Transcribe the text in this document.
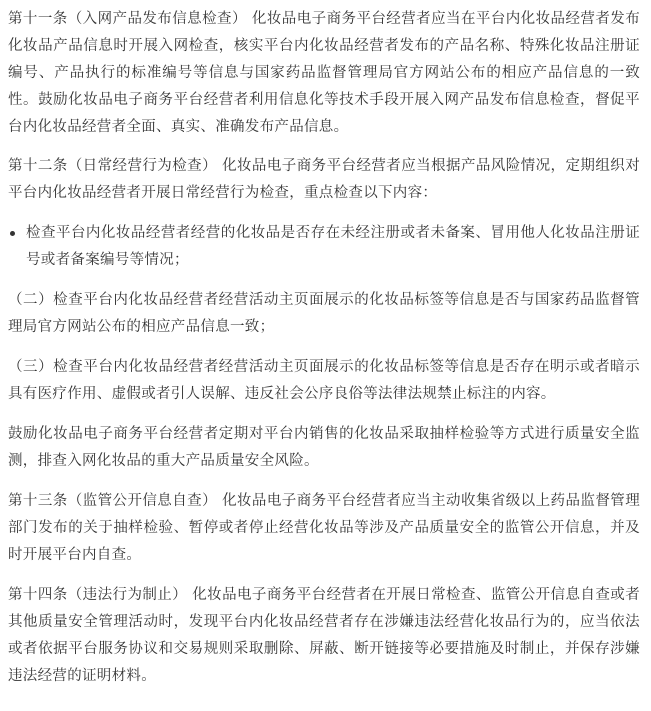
第十一条（入网产品发布信息检查） 化妆品电子商务平台经营者应当在平台内化妆品经营者发布化妆品产品信息时开展入网检查，核实平台内化妆品经营者发布的产品名称、特殊化妆品注册证编号、产品执行的标准编号等信息与国家药品监督管理局官方网站公布的相应产品信息的一致性。鼓励化妆品电子商务平台经营者利用信息化等技术手段开展入网产品发布信息检查，督促平台内化妆品经营者全面、真实、准确发布产品信息。

第十二条（日常经营行为检查） 化妆品电子商务平台经营者应当根据产品风险情况，定期组织对平台内化妆品经营者开展日常经营行为检查，重点检查以下内容：

检查平台内化妆品经营者经营的化妆品是否存在未经注册或者未备案、冒用他人化妆品注册证号或者备案编号等情况；

（二）检查平台内化妆品经营者经营活动主页面展示的化妆品标签等信息是否与国家药品监督管理局官方网站公布的相应产品信息一致；

（三）检查平台内化妆品经营者经营活动主页面展示的化妆品标签等信息是否存在明示或者暗示具有医疗作用、虚假或者引人误解、违反社会公序良俗等法律法规禁止标注的内容。

鼓励化妆品电子商务平台经营者定期对平台内销售的化妆品采取抽样检验等方式进行质量安全监测，排查入网化妆品的重大产品质量安全风险。

第十三条（监管公开信息自查） 化妆品电子商务平台经营者应当主动收集省级以上药品监督管理部门发布的关于抽样检验、暂停或者停止经营化妆品等涉及产品质量安全的监管公开信息，并及时开展平台内自查。

第十四条（违法行为制止） 化妆品电子商务平台经营者在开展日常检查、监管公开信息自查或者其他质量安全管理活动时，发现平台内化妆品经营者存在涉嫌违法经营化妆品行为的，应当依法或者依据平台服务协议和交易规则采取删除、屏蔽、断开链接等必要措施及时制止，并保存涉嫌违法经营的证明材料。
